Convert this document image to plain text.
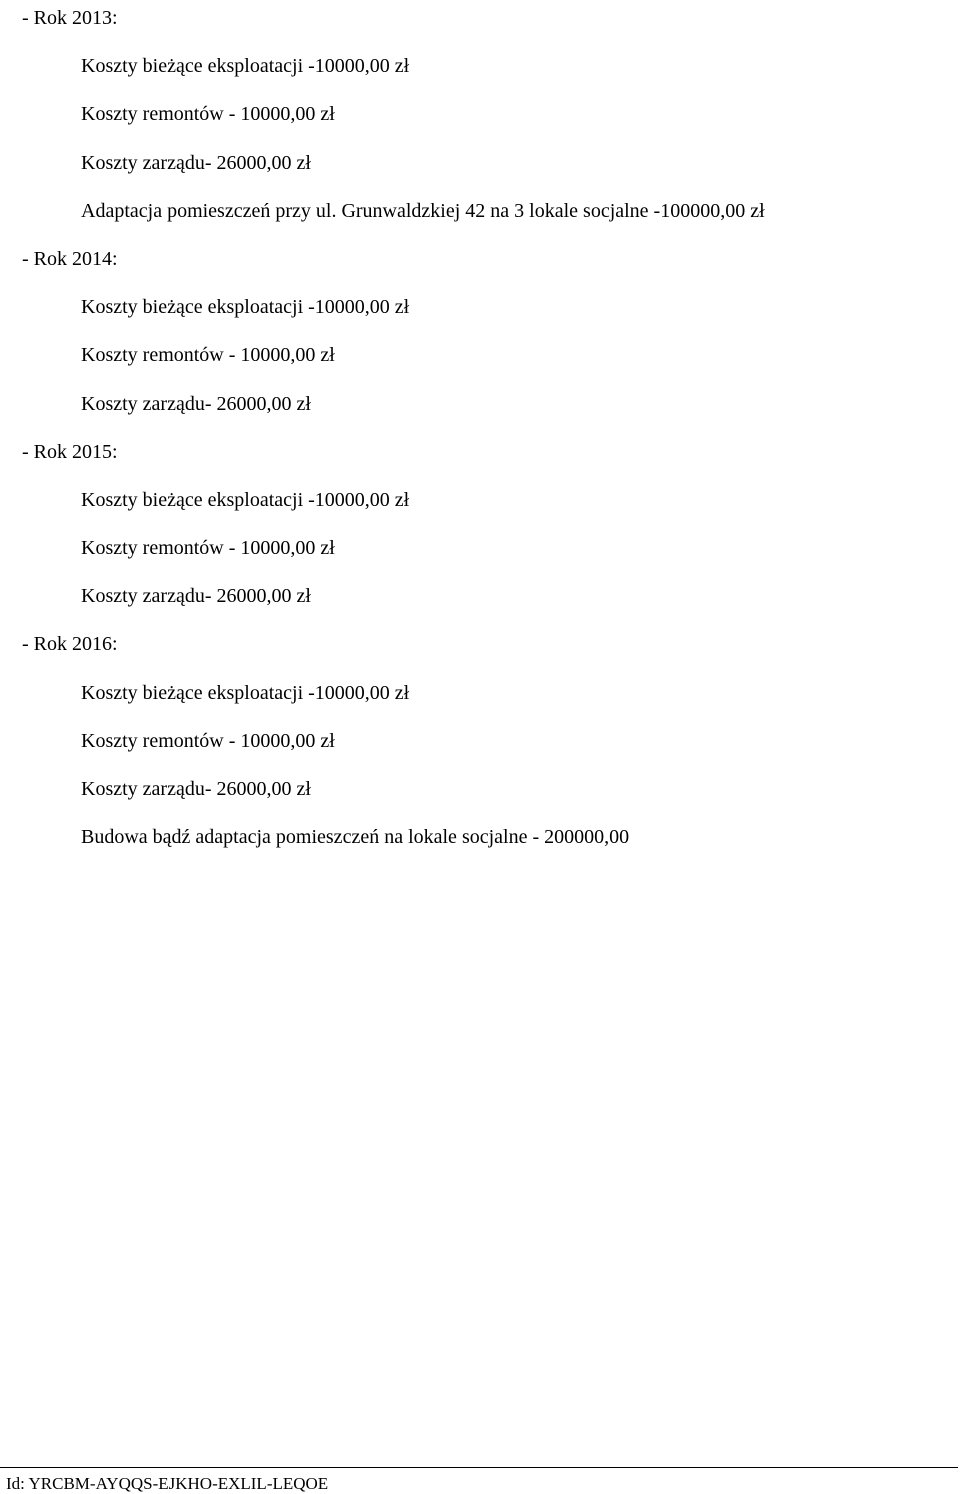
- Rok 2013:
Koszty bieżące eksploatacji -10000,00 zł
Koszty remontów - 10000,00 zł
Koszty zarządu- 26000,00 zł
Adaptacja pomieszczeń przy ul. Grunwaldzkiej 42 na 3 lokale socjalne -100000,00 zł
- Rok 2014:
Koszty bieżące eksploatacji -10000,00 zł
Koszty remontów - 10000,00 zł
Koszty zarządu- 26000,00 zł
- Rok 2015:
Koszty bieżące eksploatacji -10000,00 zł
Koszty remontów - 10000,00 zł
Koszty zarządu- 26000,00 zł
- Rok 2016:
Koszty bieżące eksploatacji -10000,00 zł
Koszty remontów - 10000,00 zł
Koszty zarządu- 26000,00 zł
Budowa bądź adaptacja pomieszczeń na lokale socjalne - 200000,00
Id: YRCBM-AYQQS-EJKHO-EXLIL-LEQOE
